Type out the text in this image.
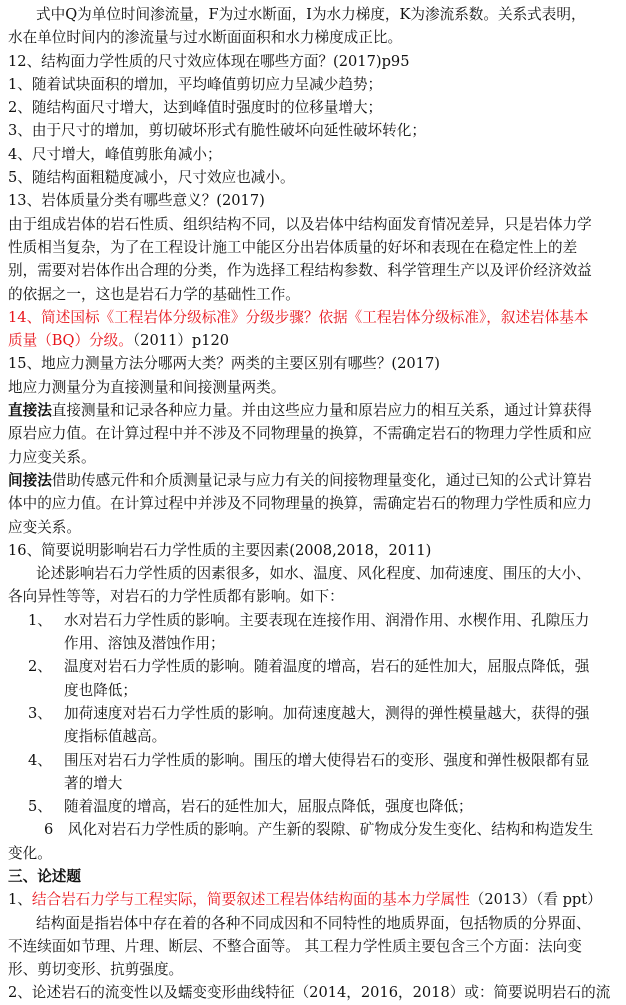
式中Q为单位时间渗流量，F为过水断面，I为水力梯度，K为渗流系数。关系式表明，
水在单位时间内的渗流量与过水断面面积和水力梯度成正比。
12、结构面力学性质的尺寸效应体现在哪些方面？(2017)p95
1、随着试块面积的增加，平均峰值剪切应力呈减少趋势；
2、随结构面尺寸增大，达到峰值时强度时的位移量增大；
3、由于尺寸的增加，剪切破坏形式有脆性破坏向延性破坏转化；
4、尺寸增大，峰值剪胀角减小；
5、随结构面粗糙度减小，尺寸效应也减小。
13、岩体质量分类有哪些意义？(2017)
由于组成岩体的岩石性质、组织结构不同，以及岩体中结构面发育情况差异，只是岩体力学
性质相当复杂，为了在工程设计施工中能区分出岩体质量的好坏和表现在在稳定性上的差
别，需要对岩体作出合理的分类，作为选择工程结构参数、科学管理生产以及评价经济效益
的依据之一，这也是岩石力学的基础性工作。
14、简述国标《工程岩体分级标准》分级步骤？依据《工程岩体分级标准》，叙述岩体基本
质量（BQ）分级。（2011）p120
15、地应力测量方法分哪两大类？两类的主要区别有哪些？(2017)
地应力测量分为直接测量和间接测量两类。
直接法直接测量和记录各种应力量。并由这些应力量和原岩应力的相互关系，通过计算获得
原岩应力值。在计算过程中并不涉及不同物理量的换算，不需确定岩石的物理力学性质和应
力应变关系。
间接法借助传感元件和介质测量记录与应力有关的间接物理量变化，通过已知的公式计算岩
体中的应力值。在计算过程中并涉及不同物理量的换算，需确定岩石的物理力学性质和应力
应变关系。
16、简要说明影响岩石力学性质的主要因素(2008,2018，2011)
论述影响岩石力学性质的因素很多，如水、温度、风化程度、加荷速度、围压的大小、
各向异性等等，对岩石的力学性质都有影响。如下：
1、 水对岩石力学性质的影响。主要表现在连接作用、润滑作用、水楔作用、孔隙压力
作用、溶蚀及潜蚀作用；
2、 温度对岩石力学性质的影响。随着温度的增高，岩石的延性加大，屈服点降低，强
度也降低；
3、 加荷速度对岩石力学性质的影响。加荷速度越大，测得的弹性模量越大，获得的强
度指标值越高。
4、 围压对岩石力学性质的影响。围压的增大使得岩石的变形、强度和弹性极限都有显
著的增大
5、 随着温度的增高，岩石的延性加大，屈服点降低，强度也降低；
6　风化对岩石力学性质的影响。产生新的裂隙、矿物成分发生变化、结构和构造发生
变化。
三、论述题
1、结合岩石力学与工程实际，简要叙述工程岩体结构面的基本力学属性（2013）（看 ppt）
结构面是指岩体中存在着的各种不同成因和不同特性的地质界面，包括物质的分界面、
不连续面如节理、片理、断层、不整合面等。 其工程力学性质主要包含三个方面：法向变
形、剪切变形、抗剪强度。
2、论述岩石的流变性以及蠕变变形曲线特征（2014，2016，2018）或：简要说明岩石的流
